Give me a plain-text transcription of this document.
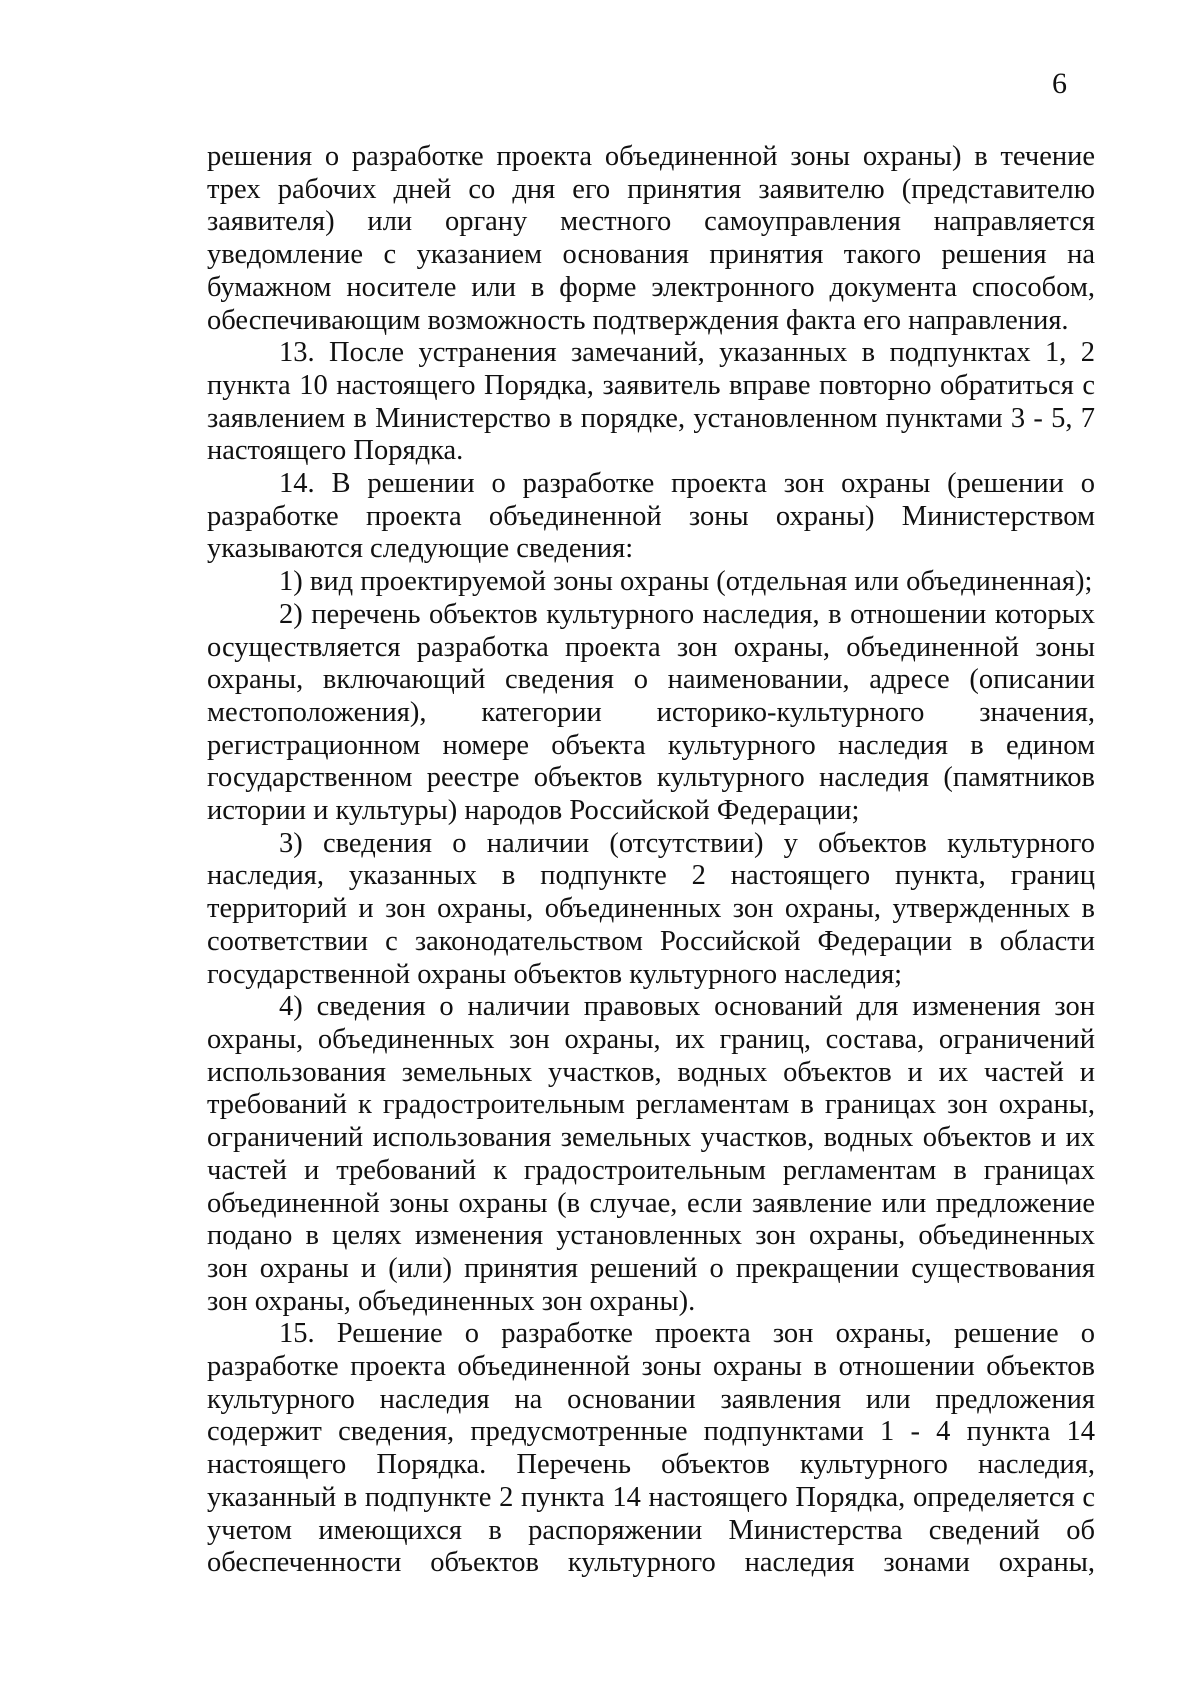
6

решения о разработке проекта объединенной зоны охраны) в течение трех рабочих дней со дня его принятия заявителю (представителю заявителя) или органу местного самоуправления направляется уведомление с указанием основания принятия такого решения на бумажном носителе или в форме электронного документа способом, обеспечивающим возможность подтверждения факта его направления.

13. После устранения замечаний, указанных в подпунктах 1, 2 пункта 10 настоящего Порядка, заявитель вправе повторно обратиться с заявлением в Министерство в порядке, установленном пунктами 3 - 5, 7 настоящего Порядка.

14. В решении о разработке проекта зон охраны (решении о разработке проекта объединенной зоны охраны) Министерством указываются следующие сведения:

1) вид проектируемой зоны охраны (отдельная или объединенная);

2) перечень объектов культурного наследия, в отношении которых осуществляется разработка проекта зон охраны, объединенной зоны охраны, включающий сведения о наименовании, адресе (описании местоположения), категории историко-культурного значения, регистрационном номере объекта культурного наследия в едином государственном реестре объектов культурного наследия (памятников истории и культуры) народов Российской Федерации;

3) сведения о наличии (отсутствии) у объектов культурного наследия, указанных в подпункте 2 настоящего пункта, границ территорий и зон охраны, объединенных зон охраны, утвержденных в соответствии с законодательством Российской Федерации в области государственной охраны объектов культурного наследия;

4) сведения о наличии правовых оснований для изменения зон охраны, объединенных зон охраны, их границ, состава, ограничений использования земельных участков, водных объектов и их частей и требований к градостроительным регламентам в границах зон охраны, ограничений использования земельных участков, водных объектов и их частей и требований к градостроительным регламентам в границах объединенной зоны охраны (в случае, если заявление или предложение подано в целях изменения установленных зон охраны, объединенных зон охраны и (или) принятия решений о прекращении существования зон охраны, объединенных зон охраны).

15. Решение о разработке проекта зон охраны, решение о разработке проекта объединенной зоны охраны в отношении объектов культурного наследия на основании заявления или предложения содержит сведения, предусмотренные подпунктами 1 - 4 пункта 14 настоящего Порядка. Перечень объектов культурного наследия, указанный в подпункте 2 пункта 14 настоящего Порядка, определяется с учетом имеющихся в распоряжении Министерства сведений об обеспеченности объектов культурного наследия зонами охраны,
